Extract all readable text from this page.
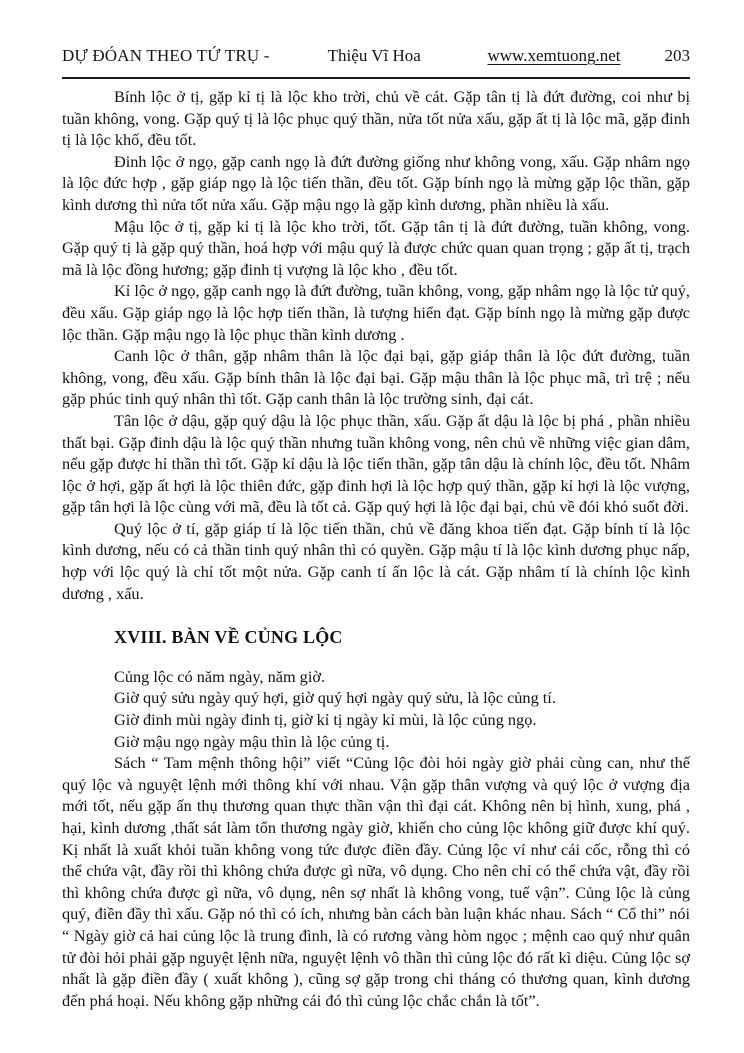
DỰ ĐÓAN THEO TỨ TRỤ -	Thiệu Vĩ Hoa	www.xemtuong.net	203

Bính lộc ở tị, gặp kỉ tị là lộc kho trời, chủ về cát. Gặp tân tị là đứt đường, coi như bị tuần không, vong. Gặp quý tị là lộc phục quý thần, nửa tốt nửa xấu, gặp ất tị là lộc mã, gặp đinh tị là lộc khố, đều tốt.

Đinh lộc ở ngọ, gặp canh ngọ là đứt đường giống như không vong, xấu. Gặp nhâm ngọ là lộc đức hợp , gặp giáp ngọ là lộc tiến thần, đều tốt. Gặp bính ngọ là mừng gặp lộc thần, gặp kình dương thì nửa tốt nửa xấu. Gặp mậu ngọ là gặp kình dương, phần nhiều là xấu.

Mậu lộc ở tị, gặp kỉ tị là lộc kho trời, tốt. Gặp tân tị là đứt đường, tuần không, vong. Gặp quý tị là gặp quý thần, hoá hợp với mậu quý là được chức quan quan trọng ; gặp ất tị, trạch mã là lộc đồng hương; gặp đinh tị vượng là lộc kho , đều tốt.

Kỉ lộc ở ngọ, gặp canh ngọ là đứt đường, tuần không, vong, gặp nhâm ngọ là lộc tử quý, đều xấu. Gặp giáp ngọ là lộc hợp tiến thần, là tượng hiển đạt. Gặp bính ngọ là mừng gặp được lộc thần. Gặp mậu ngọ là lộc phục thần kình dương .

Canh lộc ở thân, gặp nhâm thân là lộc đại bại, gặp giáp thân là lộc đứt đường, tuần không, vong, đều xấu. Gặp bính thân là lộc đại bại. Gặp mậu thân là lộc phục mã, trì trệ ; nếu gặp phúc tinh quý nhân thì tốt. Gặp canh thân là lộc trường sinh, đại cát.

Tân lộc ở dậu, gặp quý dậu là lộc phục thần, xấu. Gặp ất dậu là lộc bị phá , phần nhiều thất bại. Gặp đinh dậu là lộc quý thần nhưng tuần không vong, nên chủ về những việc gian dâm, nếu gặp được hỉ thần thì tốt. Gặp kỉ dậu là lộc tiến thần, gặp tân dậu là chính lộc, đều tốt. Nhâm lộc ở hợi, gặp ất hợi là lộc thiên đức, gặp đinh hợi là lộc hợp quý thần, gặp kỉ hợi là lộc vượng, gặp tân hợi là lộc cùng với mã, đều là tốt cả. Gặp quý hợi là lộc đại bại, chủ về đói khó suốt đời.

Quý lộc ở tí, gặp giáp tí là lộc tiến thần, chủ về đăng khoa tiến đạt. Gặp bính tí là lộc kình dương, nếu có cả thần tinh quý nhân thì có quyền. Gặp mậu tí là lộc kình dương phục nấp, hợp với lộc quý là chỉ tốt một nửa. Gặp canh tí ấn lộc là cát. Gặp nhâm tí là chính lộc kình dương , xấu.

XVIII. BÀN VỀ CỦNG LỘC

Củng lộc có năm ngày, năm giờ.

Giờ quý sửu ngày quý hợi, giờ quý hợi ngày quý sửu, là lộc củng tí.

Giờ đinh mùi ngày đinh tị, giờ kỉ tị ngày kỉ mùi, là lộc củng ngọ.

Giờ mậu ngọ ngày mậu thìn là lộc củng tị.

Sách “ Tam mệnh thông hội” viết “Củng lộc đòi hỏi ngày giờ phải cùng can, như thế quý lộc và nguyệt lệnh mới thông khí với nhau. Vận gặp thân vượng và quý lộc ở vượng địa mới tốt, nếu gặp ấn thụ thương quan thực thần vận thì đại cát. Không nên bị hình, xung, phá , hại, kình dương ,thất sát làm tổn thương ngày giờ, khiến cho củng lộc không giữ được khí quý. Kị nhất là xuất khỏi tuần không vong tức được điền đầy. Củng lộc ví như cái cốc, rỗng thì có thể chứa vật, đầy rồi thì không chứa được gì nữa, vô dụng. Cho nên chỉ có thể chứa vật, đầy rồi thì không chứa được gì nữa, vô dụng, nên sợ nhất là không vong, tuế vận”. Củng lộc là củng quý, điền đầy thì xấu. Gặp nó thì có ích, nhưng bàn cách bàn luận khác nhau. Sách “ Cổ thi” nói “ Ngày giờ cả hai củng lộc là trung đình, là có rương vàng hòm ngọc ; mệnh cao quý như quân tử đòi hỏi phải gặp nguyệt lệnh nữa, nguyệt lệnh vô thần thì củng lộc đó rất kì diệu. Củng lộc sợ nhất là gặp điền đầy ( xuất không ), cũng sợ gặp trong chi tháng có thương quan, kình dương đến phá hoại. Nếu không gặp những cái đó thì củng lộc chắc chắn là tốt”.
